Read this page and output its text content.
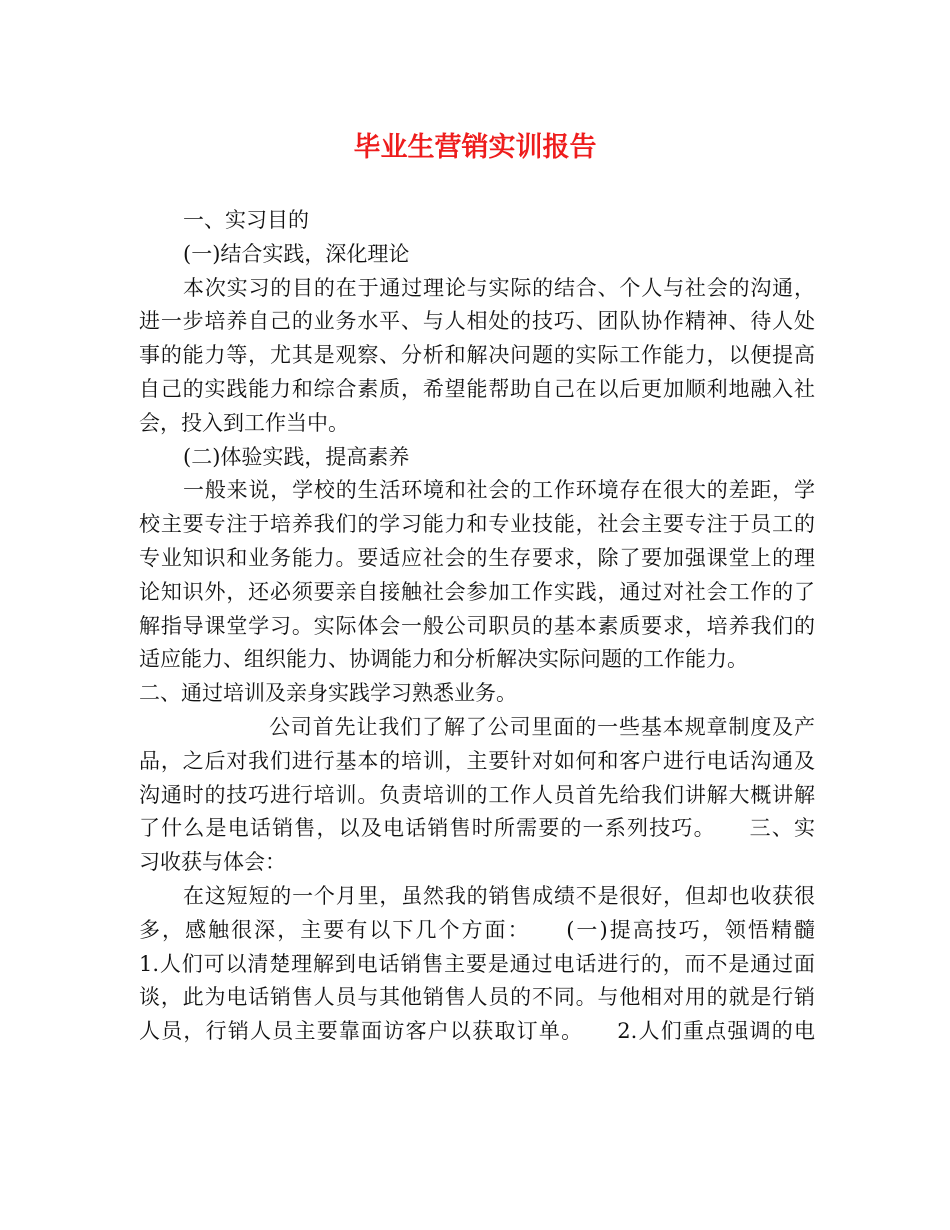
毕业生营销实训报告
一、实习目的
(一)结合实践，深化理论
本次实习的目的在于通过理论与实际的结合、个人与社会的沟通，
进一步培养自己的业务水平、与人相处的技巧、团队协作精神、待人处
事的能力等，尤其是观察、分析和解决问题的实际工作能力，以便提高
自己的实践能力和综合素质，希望能帮助自己在以后更加顺利地融入社
会，投入到工作当中。
(二)体验实践，提高素养
一般来说，学校的生活环境和社会的工作环境存在很大的差距，学
校主要专注于培养我们的学习能力和专业技能，社会主要专注于员工的
专业知识和业务能力。要适应社会的生存要求，除了要加强课堂上的理
论知识外，还必须要亲自接触社会参加工作实践，通过对社会工作的了
解指导课堂学习。实际体会一般公司职员的基本素质要求，培养我们的
适应能力、组织能力、协调能力和分析解决实际问题的工作能力。
二、通过培训及亲身实践学习熟悉业务。
公司首先让我们了解了公司里面的一些基本规章制度及产
品，之后对我们进行基本的培训，主要针对如何和客户进行电话沟通及
沟通时的技巧进行培训。负责培训的工作人员首先给我们讲解大概讲解
了什么是电话销售，以及电话销售时所需要的一系列技巧。　　三、实
习收获与体会：
在这短短的一个月里，虽然我的销售成绩不是很好，但却也收获很
多，感触很深，主要有以下几个方面：　　(一)提高技巧，领悟精髓
1.人们可以清楚理解到电话销售主要是通过电话进行的，而不是通过面
谈，此为电话销售人员与其他销售人员的不同。与他相对用的就是行销
人员，行销人员主要靠面访客户以获取订单。　　2.人们重点强调的电
